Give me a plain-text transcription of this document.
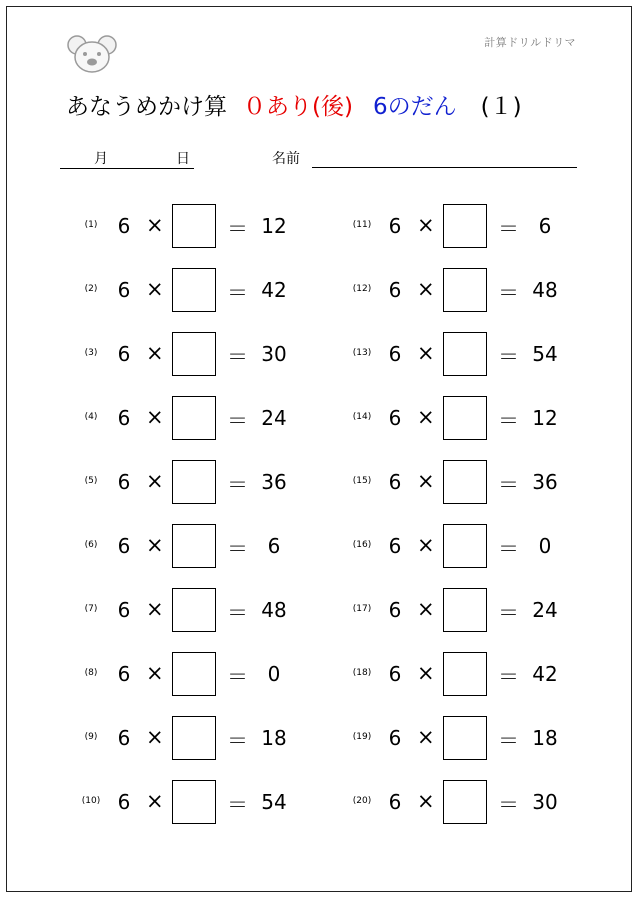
計算ドリルドリマ
あなうめかけ算 ０あり(後) 6のだん (１)
月	日	名前
(1)	6 ×	＝ 12
(2)	6 ×	＝ 42
(3)	6 ×	＝ 30
(4)	6 ×	＝ 24
(5)	6 ×	＝ 36
(6)	6 ×	＝ 6
(7)	6 ×	＝ 48
(8)	6 ×	＝ 0
(9)	6 ×	＝ 18
(10) 6 ×	＝ 54
(11) 6 ×	＝ 6
(12) 6 ×	＝ 48
(13) 6 ×	＝ 54
(14) 6 ×	＝ 12
(15) 6 ×	＝ 36
(16) 6 ×	＝ 0
(17) 6 ×	＝ 24
(18) 6 ×	＝ 42
(19) 6 ×	＝ 18
(20) 6 ×	＝ 30
